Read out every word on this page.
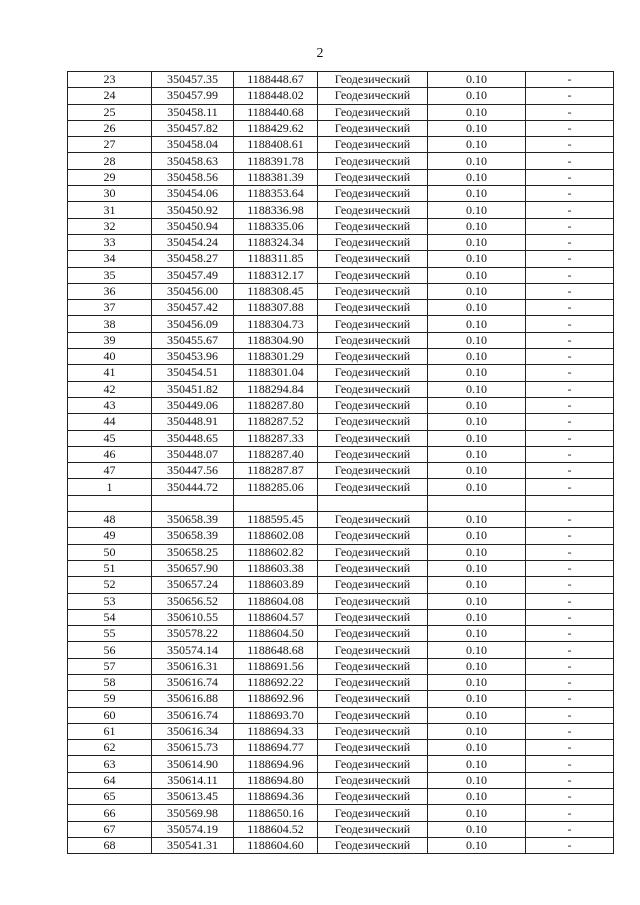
2
23	350457.35	1188448.67	Геодезический	0.10	-
24	350457.99	1188448.02	Геодезический	0.10	-
25	350458.11	1188440.68	Геодезический	0.10	-
26	350457.82	1188429.62	Геодезический	0.10	-
27	350458.04	1188408.61	Геодезический	0.10	-
28	350458.63	1188391.78	Геодезический	0.10	-
29	350458.56	1188381.39	Геодезический	0.10	-
30	350454.06	1188353.64	Геодезический	0.10	-
31	350450.92	1188336.98	Геодезический	0.10	-
32	350450.94	1188335.06	Геодезический	0.10	-
33	350454.24	1188324.34	Геодезический	0.10	-
34	350458.27	1188311.85	Геодезический	0.10	-
35	350457.49	1188312.17	Геодезический	0.10	-
36	350456.00	1188308.45	Геодезический	0.10	-
37	350457.42	1188307.88	Геодезический	0.10	-
38	350456.09	1188304.73	Геодезический	0.10	-
39	350455.67	1188304.90	Геодезический	0.10	-
40	350453.96	1188301.29	Геодезический	0.10	-
41	350454.51	1188301.04	Геодезический	0.10	-
42	350451.82	1188294.84	Геодезический	0.10	-
43	350449.06	1188287.80	Геодезический	0.10	-
44	350448.91	1188287.52	Геодезический	0.10	-
45	350448.65	1188287.33	Геодезический	0.10	-
46	350448.07	1188287.40	Геодезический	0.10	-
47	350447.56	1188287.87	Геодезический	0.10	-
1	350444.72	1188285.06	Геодезический	0.10	-

48	350658.39	1188595.45	Геодезический	0.10	-
49	350658.39	1188602.08	Геодезический	0.10	-
50	350658.25	1188602.82	Геодезический	0.10	-
51	350657.90	1188603.38	Геодезический	0.10	-
52	350657.24	1188603.89	Геодезический	0.10	-
53	350656.52	1188604.08	Геодезический	0.10	-
54	350610.55	1188604.57	Геодезический	0.10	-
55	350578.22	1188604.50	Геодезический	0.10	-
56	350574.14	1188648.68	Геодезический	0.10	-
57	350616.31	1188691.56	Геодезический	0.10	-
58	350616.74	1188692.22	Геодезический	0.10	-
59	350616.88	1188692.96	Геодезический	0.10	-
60	350616.74	1188693.70	Геодезический	0.10	-
61	350616.34	1188694.33	Геодезический	0.10	-
62	350615.73	1188694.77	Геодезический	0.10	-
63	350614.90	1188694.96	Геодезический	0.10	-
64	350614.11	1188694.80	Геодезический	0.10	-
65	350613.45	1188694.36	Геодезический	0.10	-
66	350569.98	1188650.16	Геодезический	0.10	-
67	350574.19	1188604.52	Геодезический	0.10	-
68	350541.31	1188604.60	Геодезический	0.10	-
